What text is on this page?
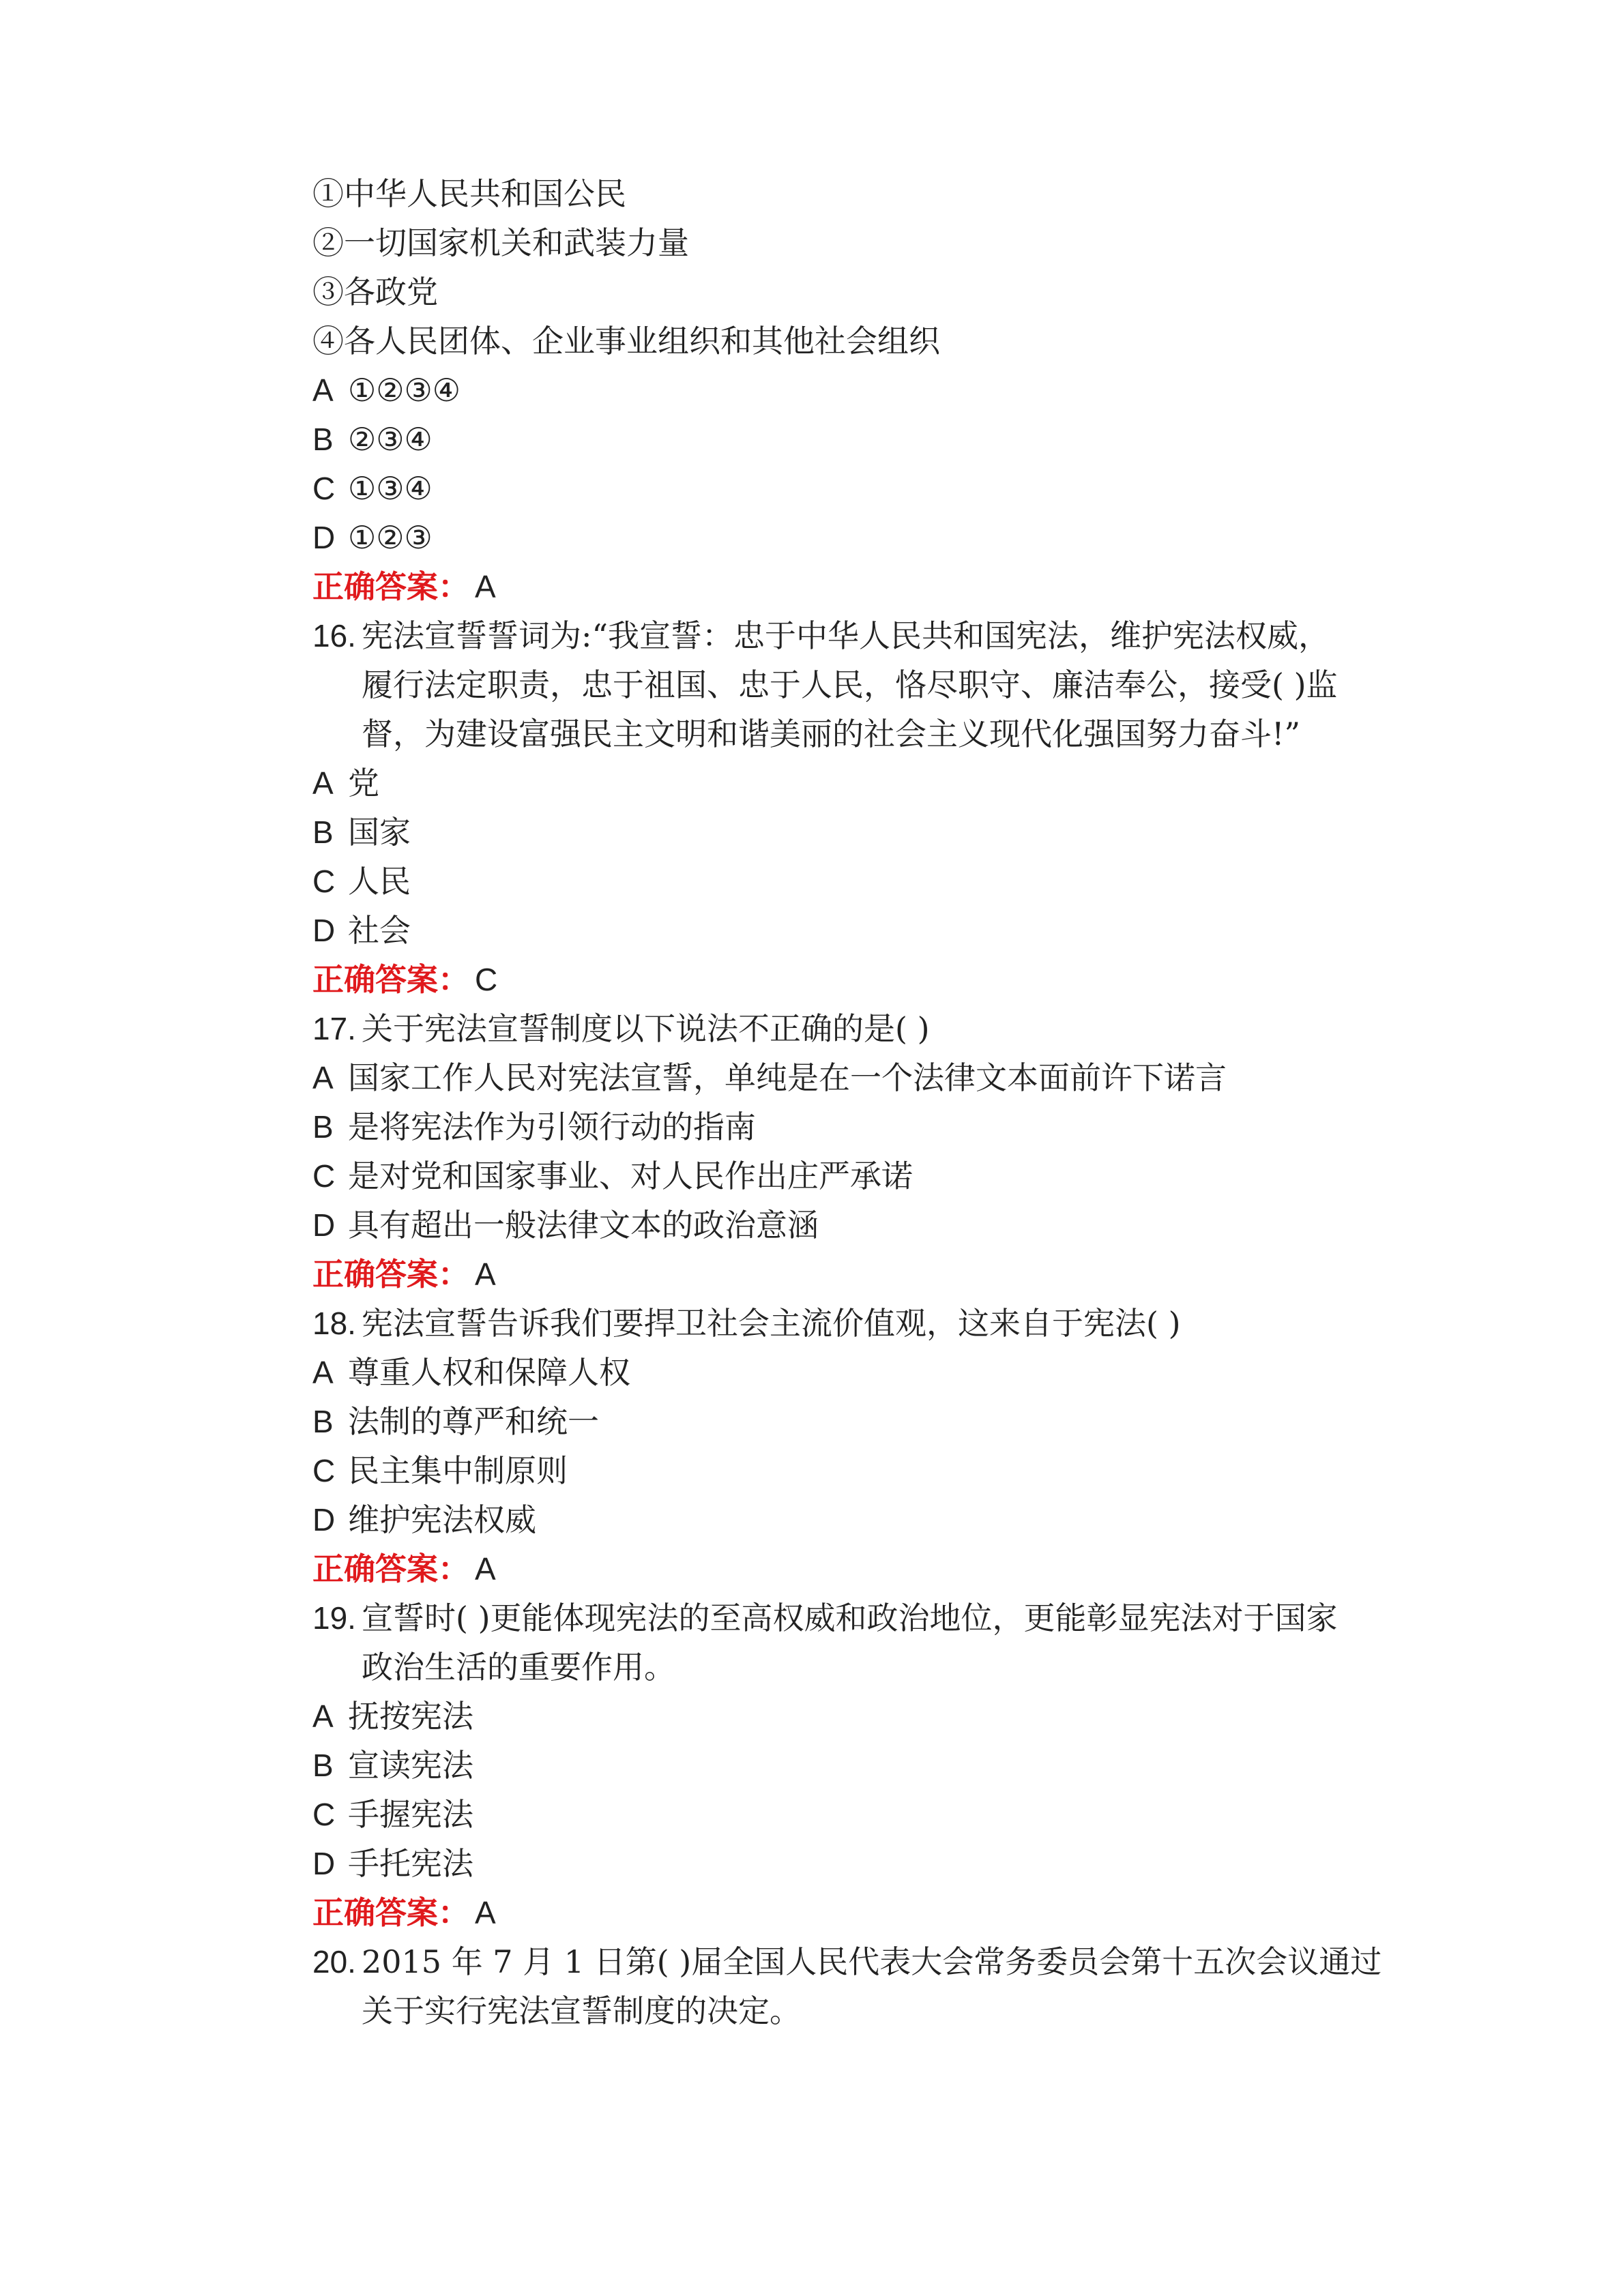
①中华人民共和国公民
②一切国家机关和武装力量
③各政党
④各人民团体、企业事业组织和其他社会组织
A ①②③④
B ②③④
C ①③④
D ①②③
正确答案： A
16. 宪法宣誓誓词为:“我宣誓：忠于中华人民共和国宪法，维护宪法权威，
履行法定职责，忠于祖国、忠于人民，恪尽职守、廉洁奉公，接受( )监
督，为建设富强民主文明和谐美丽的社会主义现代化强国努力奋斗!”
A 党
B 国家
C 人民
D 社会
正确答案： C
17. 关于宪法宣誓制度以下说法不正确的是( )
A 国家工作人民对宪法宣誓，单纯是在一个法律文本面前许下诺言
B 是将宪法作为引领行动的指南
C 是对党和国家事业、对人民作出庄严承诺
D 具有超出一般法律文本的政治意涵
正确答案： A
18. 宪法宣誓告诉我们要捍卫社会主流价值观，这来自于宪法( )
A 尊重人权和保障人权
B 法制的尊严和统一
C 民主集中制原则
D 维护宪法权威
正确答案： A
19. 宣誓时( )更能体现宪法的至高权威和政治地位，更能彰显宪法对于国家
政治生活的重要作用。
A 抚按宪法
B 宣读宪法
C 手握宪法
D 手托宪法
正确答案： A
20. 2015 年 7 月 1 日第( )届全国人民代表大会常务委员会第十五次会议通过
关于实行宪法宣誓制度的决定。
